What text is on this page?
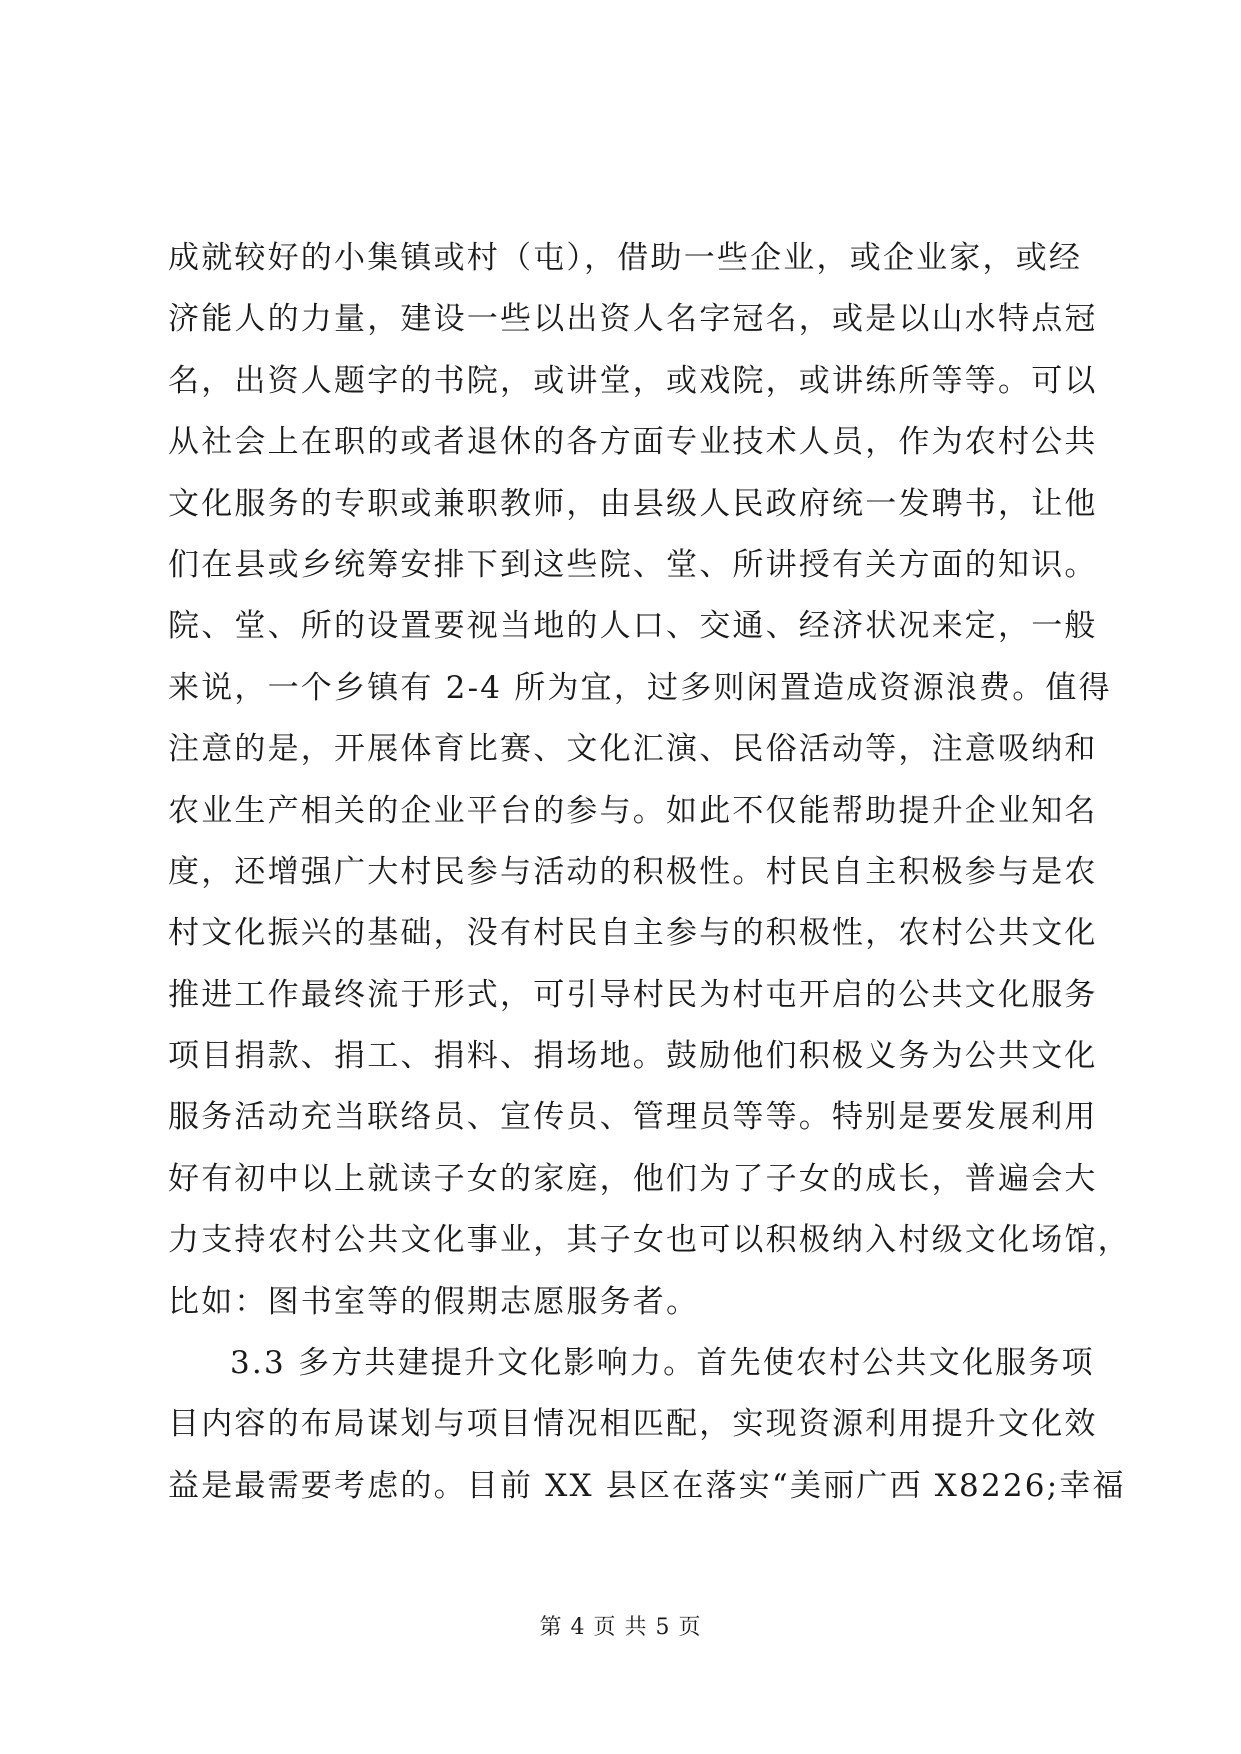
成就较好的小集镇或村（屯），借助一些企业，或企业家，或经
济能人的力量，建设一些以出资人名字冠名，或是以山水特点冠
名，出资人题字的书院，或讲堂，或戏院，或讲练所等等。可以
从社会上在职的或者退休的各方面专业技术人员，作为农村公共
文化服务的专职或兼职教师，由县级人民政府统一发聘书，让他
们在县或乡统筹安排下到这些院、堂、所讲授有关方面的知识。
院、堂、所的设置要视当地的人口、交通、经济状况来定，一般
来说，一个乡镇有 2-4 所为宜，过多则闲置造成资源浪费。值得
注意的是，开展体育比赛、文化汇演、民俗活动等，注意吸纳和
农业生产相关的企业平台的参与。如此不仅能帮助提升企业知名
度，还增强广大村民参与活动的积极性。村民自主积极参与是农
村文化振兴的基础，没有村民自主参与的积极性，农村公共文化
推进工作最终流于形式，可引导村民为村屯开启的公共文化服务
项目捐款、捐工、捐料、捐场地。鼓励他们积极义务为公共文化
服务活动充当联络员、宣传员、管理员等等。特别是要发展利用
好有初中以上就读子女的家庭，他们为了子女的成长，普遍会大
力支持农村公共文化事业，其子女也可以积极纳入村级文化场馆，
比如：图书室等的假期志愿服务者。
3.3 多方共建提升文化影响力。首先使农村公共文化服务项
目内容的布局谋划与项目情况相匹配，实现资源利用提升文化效
益是最需要考虑的。目前 XX 县区在落实“美丽广西 X8226;幸福
第 4 页 共 5 页
